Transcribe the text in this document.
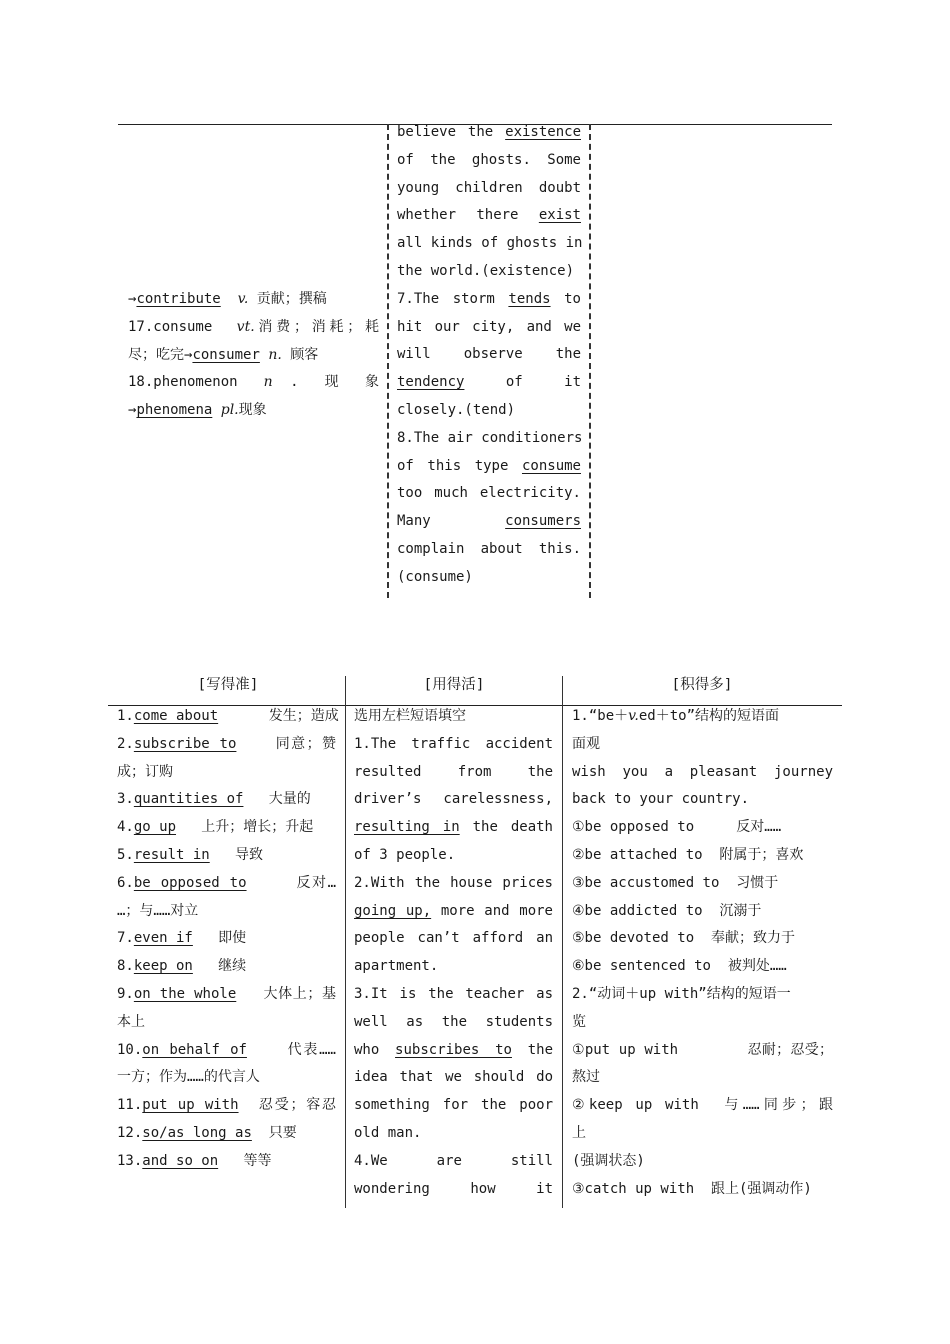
→contribute v. 贡献；撰稿
17.consume  vt.消费；消耗；耗
尽；吃完→consumer n. 顾客
18.phenomenon   n  .   现   象
→phenomena pl.现象
believe the existence
of the ghosts. Some
young children doubt
whether there exist
all kinds of ghosts in
the world.(existence)
7.The storm tends to
hit our city, and we
will observe the
tendency of it
closely.(tend)
8.The air conditioners
of this type consume
too much electricity.
Many consumers
complain about this.
(consume)
[写得准]	[用得活]	[积得多]
1.come about      发生；造成
2.subscribe to    同意；赞
成；订购
3.quantities of   大量的
4.go up   上升；增长；升起
5.result in   导致
6.be opposed to     反对…
…；与……对立
7.even if   即使
8.keep on   继续
9.on the whole   大体上；基
本上
10.on behalf of    代表……
一方；作为……的代言人
11.put up with  忍受；容忍
12.so/as long as  只要
13.and so on   等等
选用左栏短语填空
1.The traffic accident
resulted from the
driver’s carelessness,
resulting in the death
of 3 people.
2.With the house prices
going up, more and more
people can’t afford an
apartment.
3.It is the teacher as
well as the students
who subscribes to the
idea that we should do
something for the poor
old man.
4.We are still
wondering how it
1.“be＋v.ed＋to”结构的短语面
面观
wish you a pleasant journey
back to your country.
①be opposed to     反对……
②be attached to  附属于；喜欢
③be accustomed to  习惯于
④be addicted to  沉溺于
⑤be devoted to  奉献；致力于
⑥be sentenced to  被判处……
2.“动词＋up with”结构的短语一
览
①put up with        忍耐；忍受；
熬过
②keep up with  与……同步；跟
上
(强调状态)
③catch up with  跟上(强调动作)
